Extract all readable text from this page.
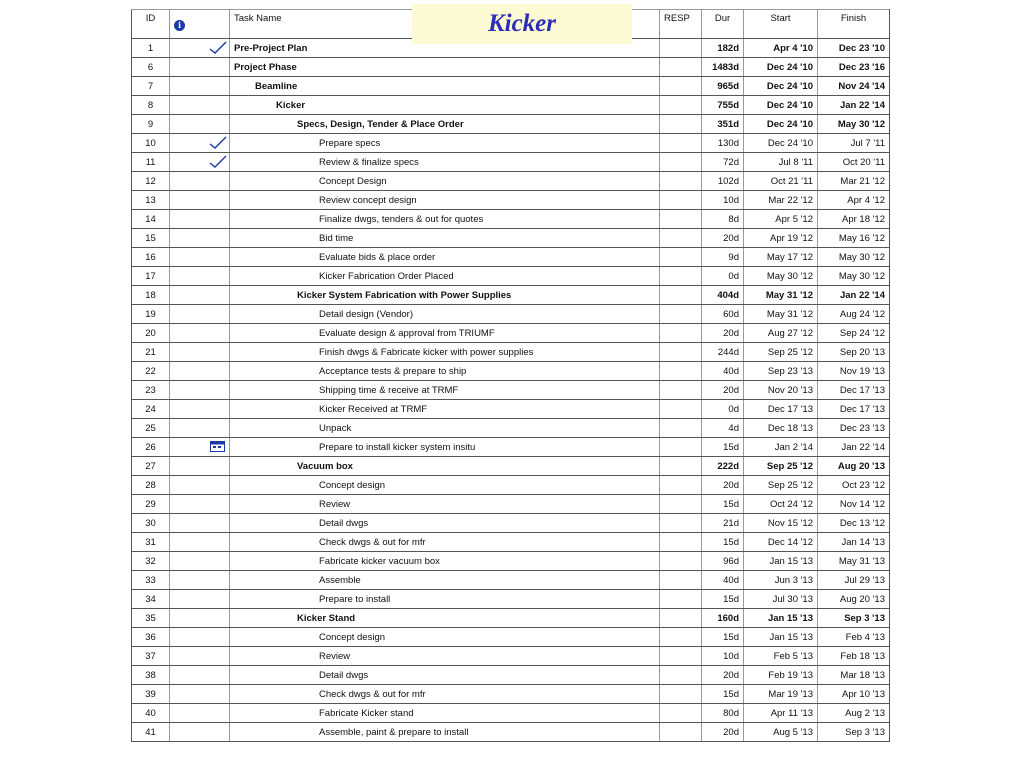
Kicker
ID	i	Task Name	RESP	Dur	Start	Finish
1		Pre-Project Plan		182d	Apr 4 '10	Dec 23 '10
6		Project Phase		1483d	Dec 24 '10	Dec 23 '16
7		Beamline		965d	Dec 24 '10	Nov 24 '14
8		Kicker		755d	Dec 24 '10	Jan 22 '14
9		Specs, Design, Tender & Place Order		351d	Dec 24 '10	May 30 '12
10		Prepare specs		130d	Dec 24 '10	Jul 7 '11
11		Review & finalize specs		72d	Jul 8 '11	Oct 20 '11
12		Concept Design		102d	Oct 21 '11	Mar 21 '12
13		Review concept design		10d	Mar 22 '12	Apr 4 '12
14		Finalize dwgs, tenders & out for quotes		8d	Apr 5 '12	Apr 18 '12
15		Bid time		20d	Apr 19 '12	May 16 '12
16		Evaluate bids & place order		9d	May 17 '12	May 30 '12
17		Kicker Fabrication Order Placed		0d	May 30 '12	May 30 '12
18		Kicker System Fabrication with Power Supplies		404d	May 31 '12	Jan 22 '14
19		Detail design (Vendor)		60d	May 31 '12	Aug 24 '12
20		Evaluate design & approval from TRIUMF		20d	Aug 27 '12	Sep 24 '12
21		Finish dwgs & Fabricate kicker with power supplies		244d	Sep 25 '12	Sep 20 '13
22		Acceptance tests & prepare to ship		40d	Sep 23 '13	Nov 19 '13
23		Shipping time & receive at TRMF		20d	Nov 20 '13	Dec 17 '13
24		Kicker Received at TRMF		0d	Dec 17 '13	Dec 17 '13
25		Unpack		4d	Dec 18 '13	Dec 23 '13
26		Prepare to install kicker system insitu		15d	Jan 2 '14	Jan 22 '14
27		Vacuum box		222d	Sep 25 '12	Aug 20 '13
28		Concept design		20d	Sep 25 '12	Oct 23 '12
29		Review		15d	Oct 24 '12	Nov 14 '12
30		Detail dwgs		21d	Nov 15 '12	Dec 13 '12
31		Check dwgs & out for mfr		15d	Dec 14 '12	Jan 14 '13
32		Fabricate kicker vacuum box		96d	Jan 15 '13	May 31 '13
33		Assemble		40d	Jun 3 '13	Jul 29 '13
34		Prepare to install		15d	Jul 30 '13	Aug 20 '13
35		Kicker Stand		160d	Jan 15 '13	Sep 3 '13
36		Concept design		15d	Jan 15 '13	Feb 4 '13
37		Review		10d	Feb 5 '13	Feb 18 '13
38		Detail dwgs		20d	Feb 19 '13	Mar 18 '13
39		Check dwgs & out for mfr		15d	Mar 19 '13	Apr 10 '13
40		Fabricate Kicker stand		80d	Apr 11 '13	Aug 2 '13
41		Assemble, paint & prepare to install		20d	Aug 5 '13	Sep 3 '13
